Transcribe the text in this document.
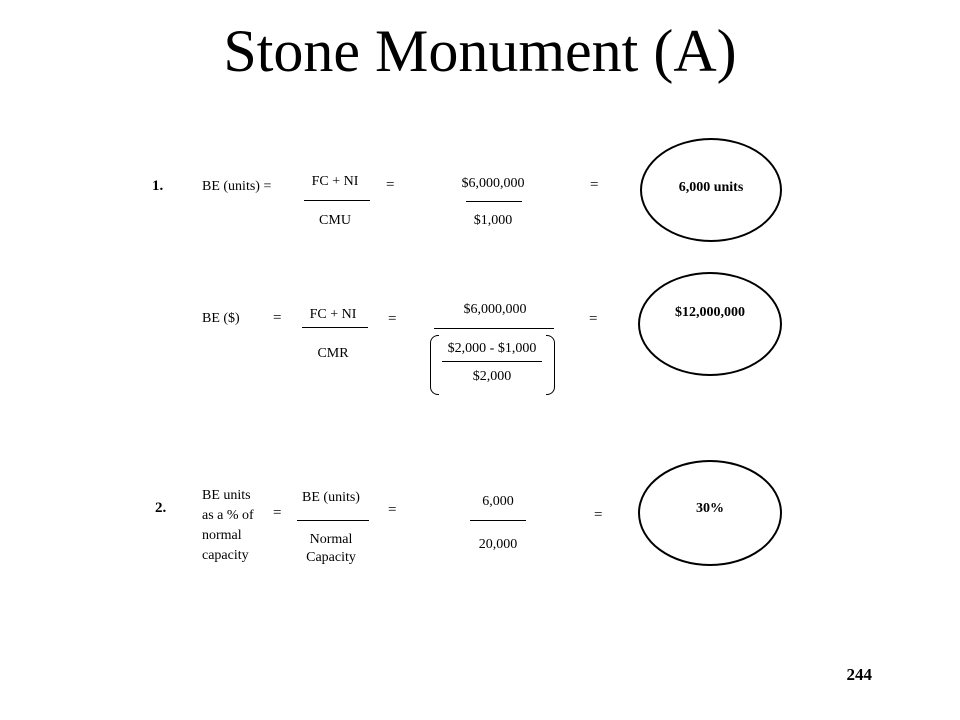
Stone Monument (A)
1.	BE (units) =	FC + NI
CMU
=	$6,000,000
$1,000
=	6,000 units
BE ($) =	FC + NI
CMR
=
$6,000,000
$2,000 - $1,000
$2,000
=	$12,000,000
2.
BE units
as a % of
normal
capacity
=
BE (units)
Normal
Capacity
=
6,000
20,000
=	30%
244
